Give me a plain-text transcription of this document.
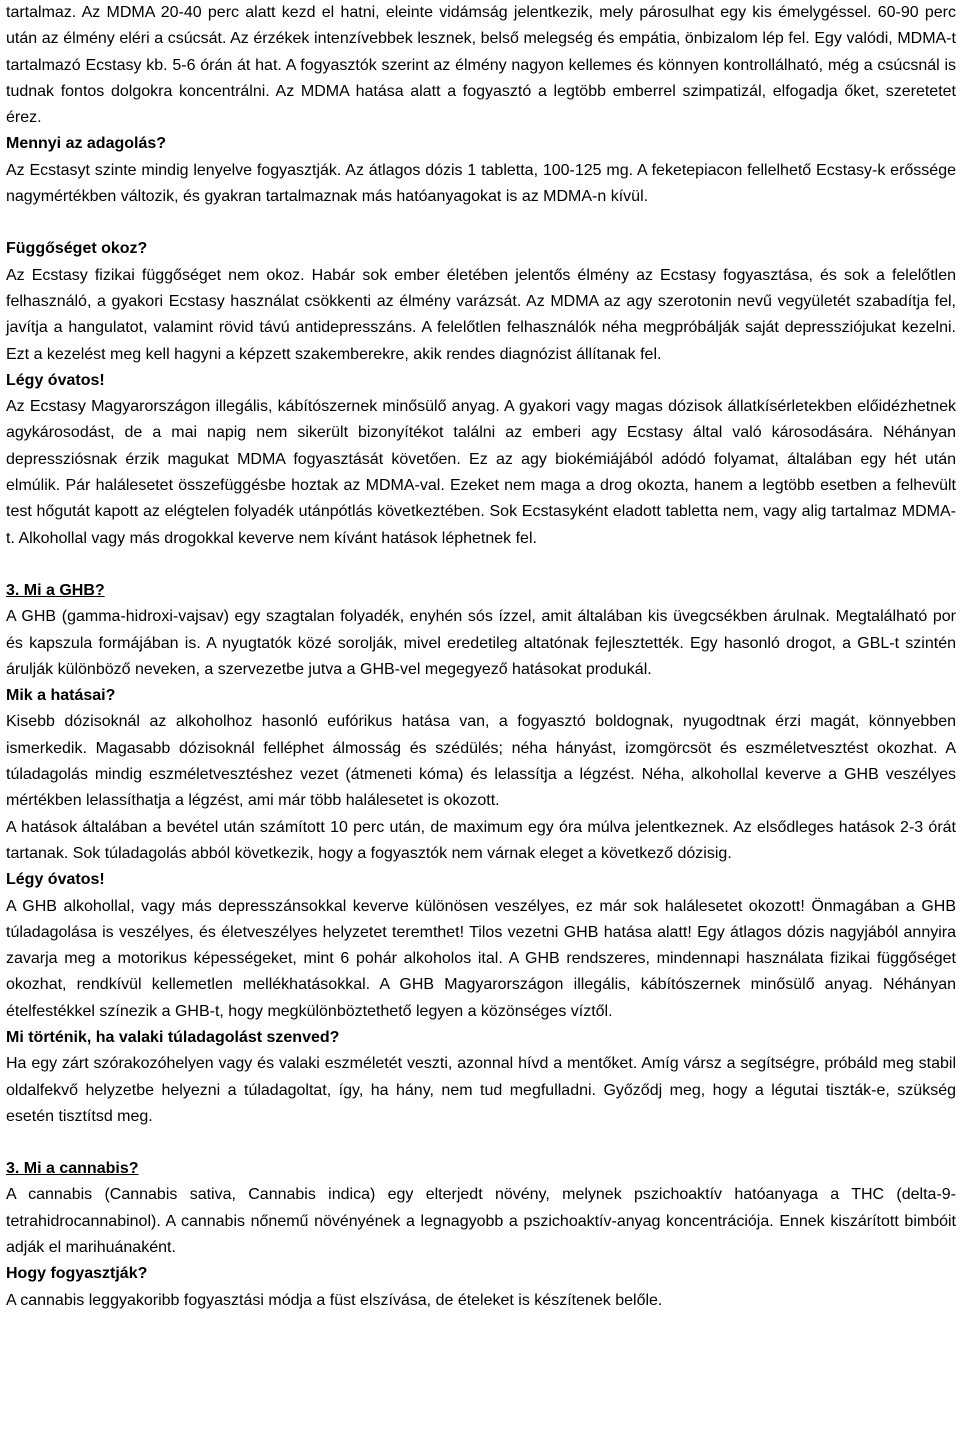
tartalmaz. Az MDMA 20-40 perc alatt kezd el hatni, eleinte vidámság jelentkezik, mely párosulhat egy kis émelygéssel. 60-90 perc után az élmény eléri a csúcsát. Az érzékek intenzívebbek lesznek, belső melegség és empátia, önbizalom lép fel. Egy valódi, MDMA-t tartalmazó Ecstasy kb. 5-6 órán át hat. A fogyasztók szerint az élmény nagyon kellemes és könnyen kontrollálható, még a csúcsnál is tudnak fontos dolgokra koncentrálni. Az MDMA hatása alatt a fogyasztó a legtöbb emberrel szimpatizál, elfogadja őket, szeretetet érez.

Mennyi az adagolás?

Az Ecstasyt szinte mindig lenyelve fogyasztják. Az átlagos dózis 1 tabletta, 100-125 mg. A feketepiacon fellelhető Ecstasy-k erőssége nagymértékben változik, és gyakran tartalmaznak más hatóanyagokat is az MDMA-n kívül.

Függőséget okoz?

Az Ecstasy fizikai függőséget nem okoz. Habár sok ember életében jelentős élmény az Ecstasy fogyasztása, és sok a felelőtlen felhasználó, a gyakori Ecstasy használat csökkenti az élmény varázsát. Az MDMA az agy szerotonin nevű vegyületét szabadítja fel, javítja a hangulatot, valamint rövid távú antidepresszáns. A felelőtlen felhasználók néha megpróbálják saját depressziójukat kezelni. Ezt a kezelést meg kell hagyni a képzett szakemberekre, akik rendes diagnózist állítanak fel.

Légy óvatos!

Az Ecstasy Magyarországon illegális, kábítószernek minősülő anyag. A gyakori vagy magas dózisok állatkísérletekben előidézhetnek agykárosodást, de a mai napig nem sikerült bizonyítékot találni az emberi agy Ecstasy által való károsodására. Néhányan depressziósnak érzik magukat MDMA fogyasztását követően. Ez az agy biokémiájából adódó folyamat, általában egy hét után elmúlik. Pár halálesetet összefüggésbe hoztak az MDMA-val. Ezeket nem maga a drog okozta, hanem a legtöbb esetben a felhevült test hőgutát kapott az elégtelen folyadék utánpótlás következtében. Sok Ecstasyként eladott tabletta nem, vagy alig tartalmaz MDMA-t. Alkohollal vagy más drogokkal keverve nem kívánt hatások léphetnek fel.

3. Mi a GHB?

A GHB (gamma-hidroxi-vajsav) egy szagtalan folyadék, enyhén sós ízzel, amit általában kis üvegcsékben árulnak. Megtalálható por és kapszula formájában is. A nyugtatók közé sorolják, mivel eredetileg altatónak fejlesztették. Egy hasonló drogot, a GBL-t szintén árulják különböző neveken, a szervezetbe jutva a GHB-vel megegyező hatásokat produkál.

Mik a hatásai?

Kisebb dózisoknál az alkoholhoz hasonló eufórikus hatása van, a fogyasztó boldognak, nyugodtnak érzi magát, könnyebben ismerkedik. Magasabb dózisoknál felléphet álmosság és szédülés; néha hányást, izomgörcsöt és eszméletvesztést okozhat. A túladagolás mindig eszméletvesztéshez vezet (átmeneti kóma) és lelassítja a légzést. Néha, alkohollal keverve a GHB veszélyes mértékben lelassíthatja a légzést, ami már több halálesetet is okozott.

A hatások általában a bevétel után számított 10 perc után, de maximum egy óra múlva jelentkeznek. Az elsődleges hatások 2-3 órát tartanak. Sok túladagolás abból következik, hogy a fogyasztók nem várnak eleget a következő dózisig.

Légy óvatos!

A GHB alkohollal, vagy más depresszánsokkal keverve különösen veszélyes, ez már sok halálesetet okozott! Önmagában a GHB túladagolása is veszélyes, és életveszélyes helyzetet teremthet! Tilos vezetni GHB hatása alatt! Egy átlagos dózis nagyjából annyira zavarja meg a motorikus képességeket, mint 6 pohár alkoholos ital. A GHB rendszeres, mindennapi használata fizikai függőséget okozhat, rendkívül kellemetlen mellékhatásokkal. A GHB Magyarországon illegális, kábítószernek minősülő anyag. Néhányan ételfestékkel színezik a GHB-t, hogy megkülönböztethető legyen a közönséges víztől.

Mi történik, ha valaki túladagolást szenved?

Ha egy zárt szórakozóhelyen vagy és valaki eszméletét veszti, azonnal hívd a mentőket. Amíg vársz a segítségre, próbáld meg stabil oldalfekvő helyzetbe helyezni a túladagoltat, így, ha hány, nem tud megfulladni. Győződj meg, hogy a légutai tiszták-e, szükség esetén tisztítsd meg.

3. Mi a cannabis?

A cannabis (Cannabis sativa, Cannabis indica) egy elterjedt növény, melynek pszichoaktív hatóanyaga a THC (delta-9-tetrahidrocannabinol). A cannabis nőnemű növényének a legnagyobb a pszichoaktív-anyag koncentrációja. Ennek kiszárított bimbóit adják el marihuánaként.

Hogy fogyasztják?

A cannabis leggyakoribb fogyasztási módja a füst elszívása, de ételeket is készítenek belőle.
